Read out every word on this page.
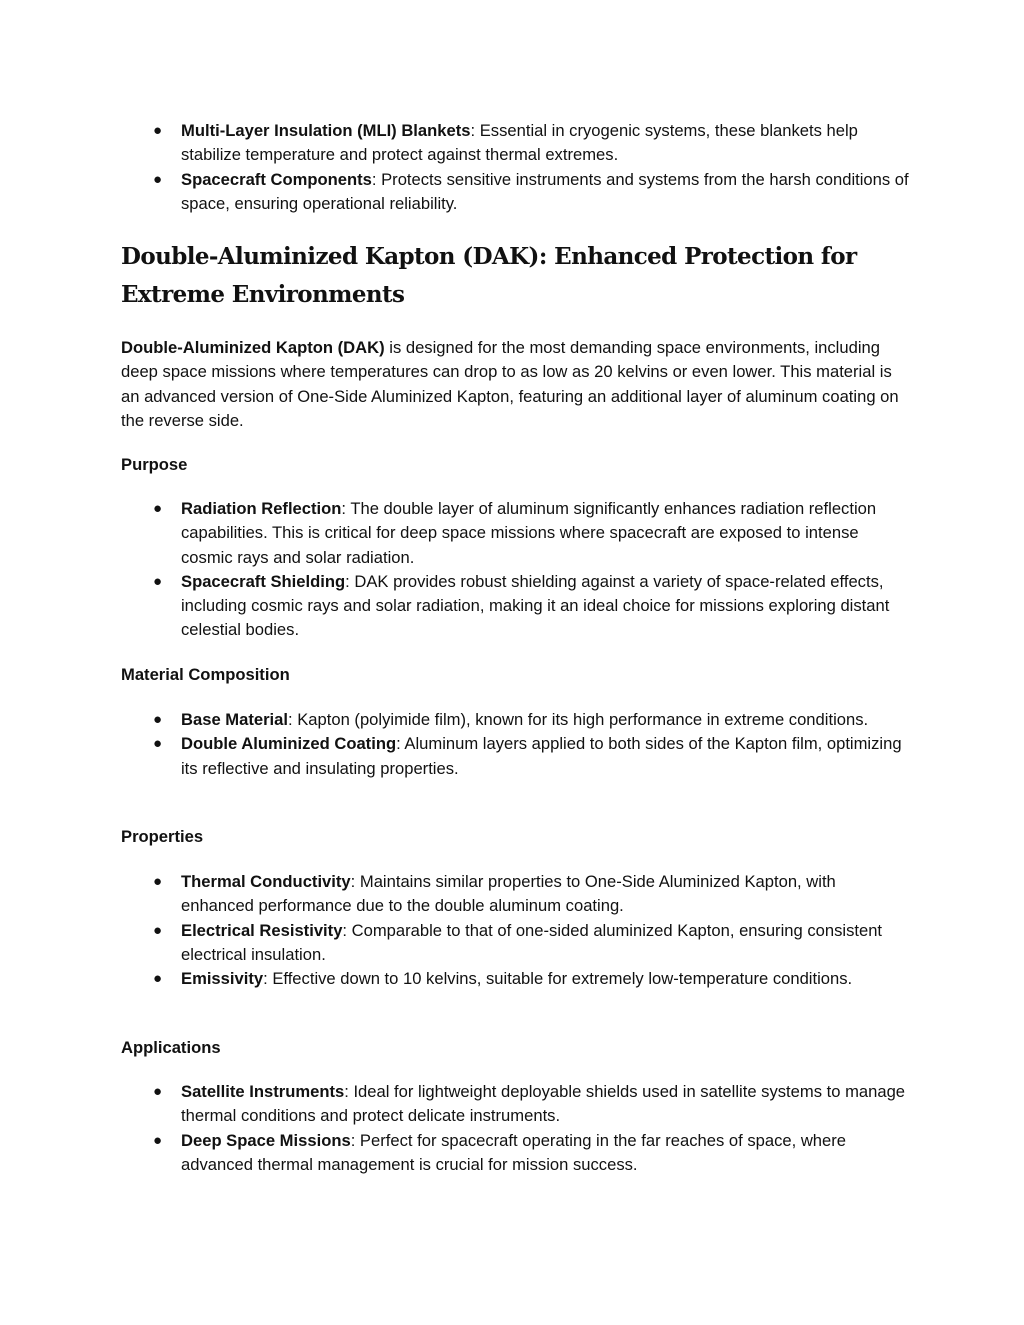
● Multi-Layer Insulation (MLI) Blankets: Essential in cryogenic systems, these blankets help stabilize temperature and protect against thermal extremes.
● Spacecraft Components: Protects sensitive instruments and systems from the harsh conditions of space, ensuring operational reliability.
Double-Aluminized Kapton (DAK): Enhanced Protection for Extreme Environments

Double-Aluminized Kapton (DAK) is designed for the most demanding space environments, including deep space missions where temperatures can drop to as low as 20 kelvins or even lower. This material is an advanced version of One-Side Aluminized Kapton, featuring an additional layer of aluminum coating on the reverse side.

Purpose

● Radiation Reflection: The double layer of aluminum significantly enhances radiation reflection capabilities. This is critical for deep space missions where spacecraft are exposed to intense cosmic rays and solar radiation.
● Spacecraft Shielding: DAK provides robust shielding against a variety of space-related effects, including cosmic rays and solar radiation, making it an ideal choice for missions exploring distant celestial bodies.

Material Composition

● Base Material: Kapton (polyimide film), known for its high performance in extreme conditions.
● Double Aluminized Coating: Aluminum layers applied to both sides of the Kapton film, optimizing its reflective and insulating properties.

Properties

● Thermal Conductivity: Maintains similar properties to One-Side Aluminized Kapton, with enhanced performance due to the double aluminum coating.
● Electrical Resistivity: Comparable to that of one-sided aluminized Kapton, ensuring consistent electrical insulation.
● Emissivity: Effective down to 10 kelvins, suitable for extremely low-temperature conditions.

Applications

● Satellite Instruments: Ideal for lightweight deployable shields used in satellite systems to manage thermal conditions and protect delicate instruments.
● Deep Space Missions: Perfect for spacecraft operating in the far reaches of space, where advanced thermal management is crucial for mission success.
